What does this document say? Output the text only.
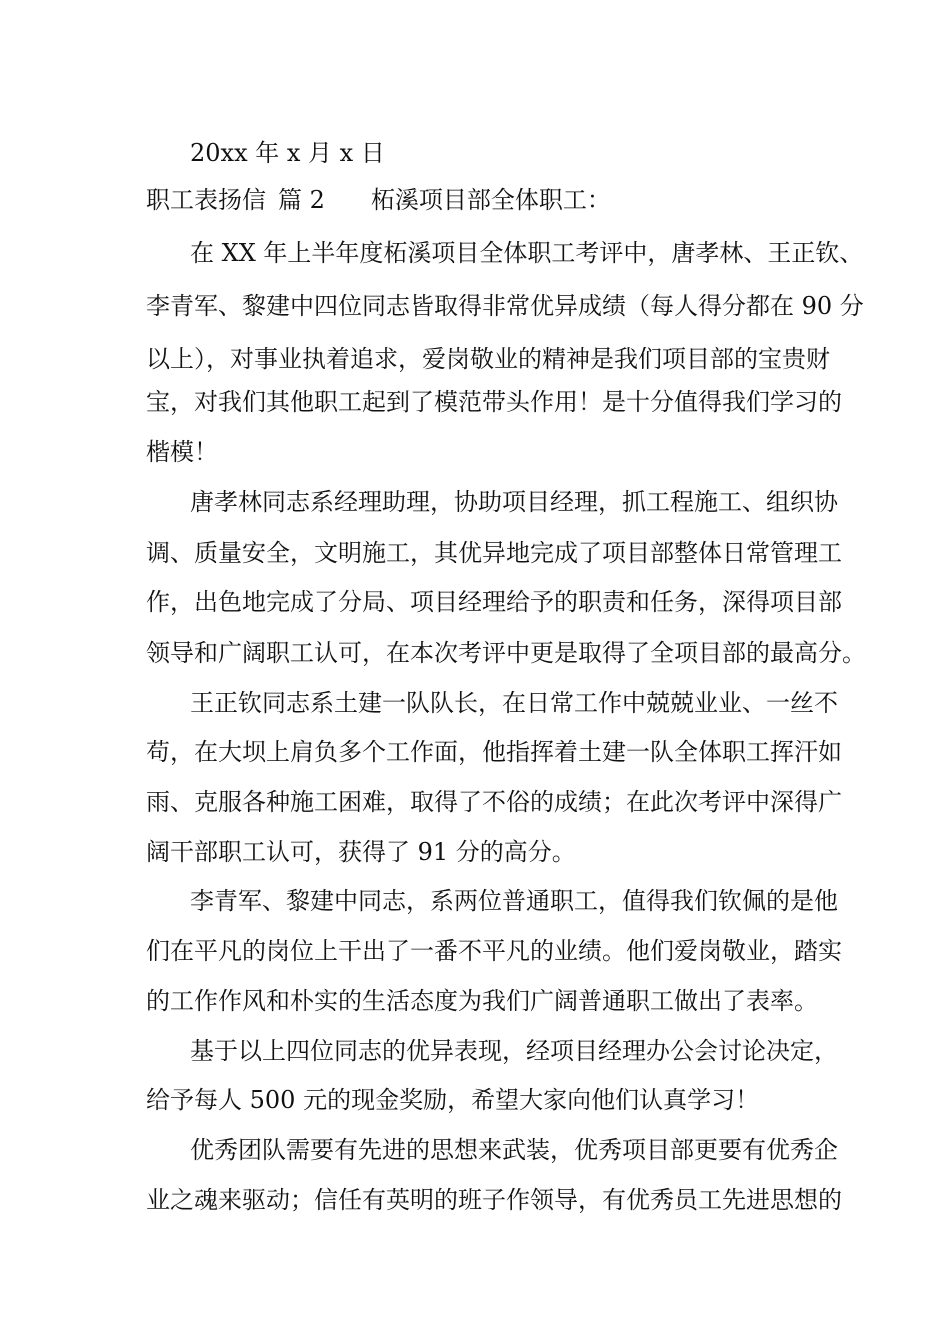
20xx 年 x 月 x 日
职工表扬信 篇 2 柘溪项目部全体职工：
在 XX 年上半年度柘溪项目全体职工考评中，唐孝林、王正钦、
李青军、黎建中四位同志皆取得非常优异成绩（每人得分都在 90 分
以上），对事业执着追求，爱岗敬业的精神是我们项目部的宝贵财
宝，对我们其他职工起到了模范带头作用！是十分值得我们学习的
楷模！
唐孝林同志系经理助理，协助项目经理，抓工程施工、组织协
调、质量安全，文明施工，其优异地完成了项目部整体日常管理工
作，出色地完成了分局、项目经理给予的职责和任务，深得项目部
领导和广阔职工认可，在本次考评中更是取得了全项目部的最高分。
王正钦同志系土建一队队长，在日常工作中兢兢业业、一丝不
苟，在大坝上肩负多个工作面，他指挥着土建一队全体职工挥汗如
雨、克服各种施工困难，取得了不俗的成绩；在此次考评中深得广
阔干部职工认可，获得了 91 分的高分。
李青军、黎建中同志，系两位普通职工，值得我们钦佩的是他
们在平凡的岗位上干出了一番不平凡的业绩。他们爱岗敬业，踏实
的工作作风和朴实的生活态度为我们广阔普通职工做出了表率。
基于以上四位同志的优异表现，经项目经理办公会讨论决定，
给予每人 500 元的现金奖励，希望大家向他们认真学习！
优秀团队需要有先进的思想来武装，优秀项目部更要有优秀企
业之魂来驱动；信任有英明的班子作领导，有优秀员工先进思想的
